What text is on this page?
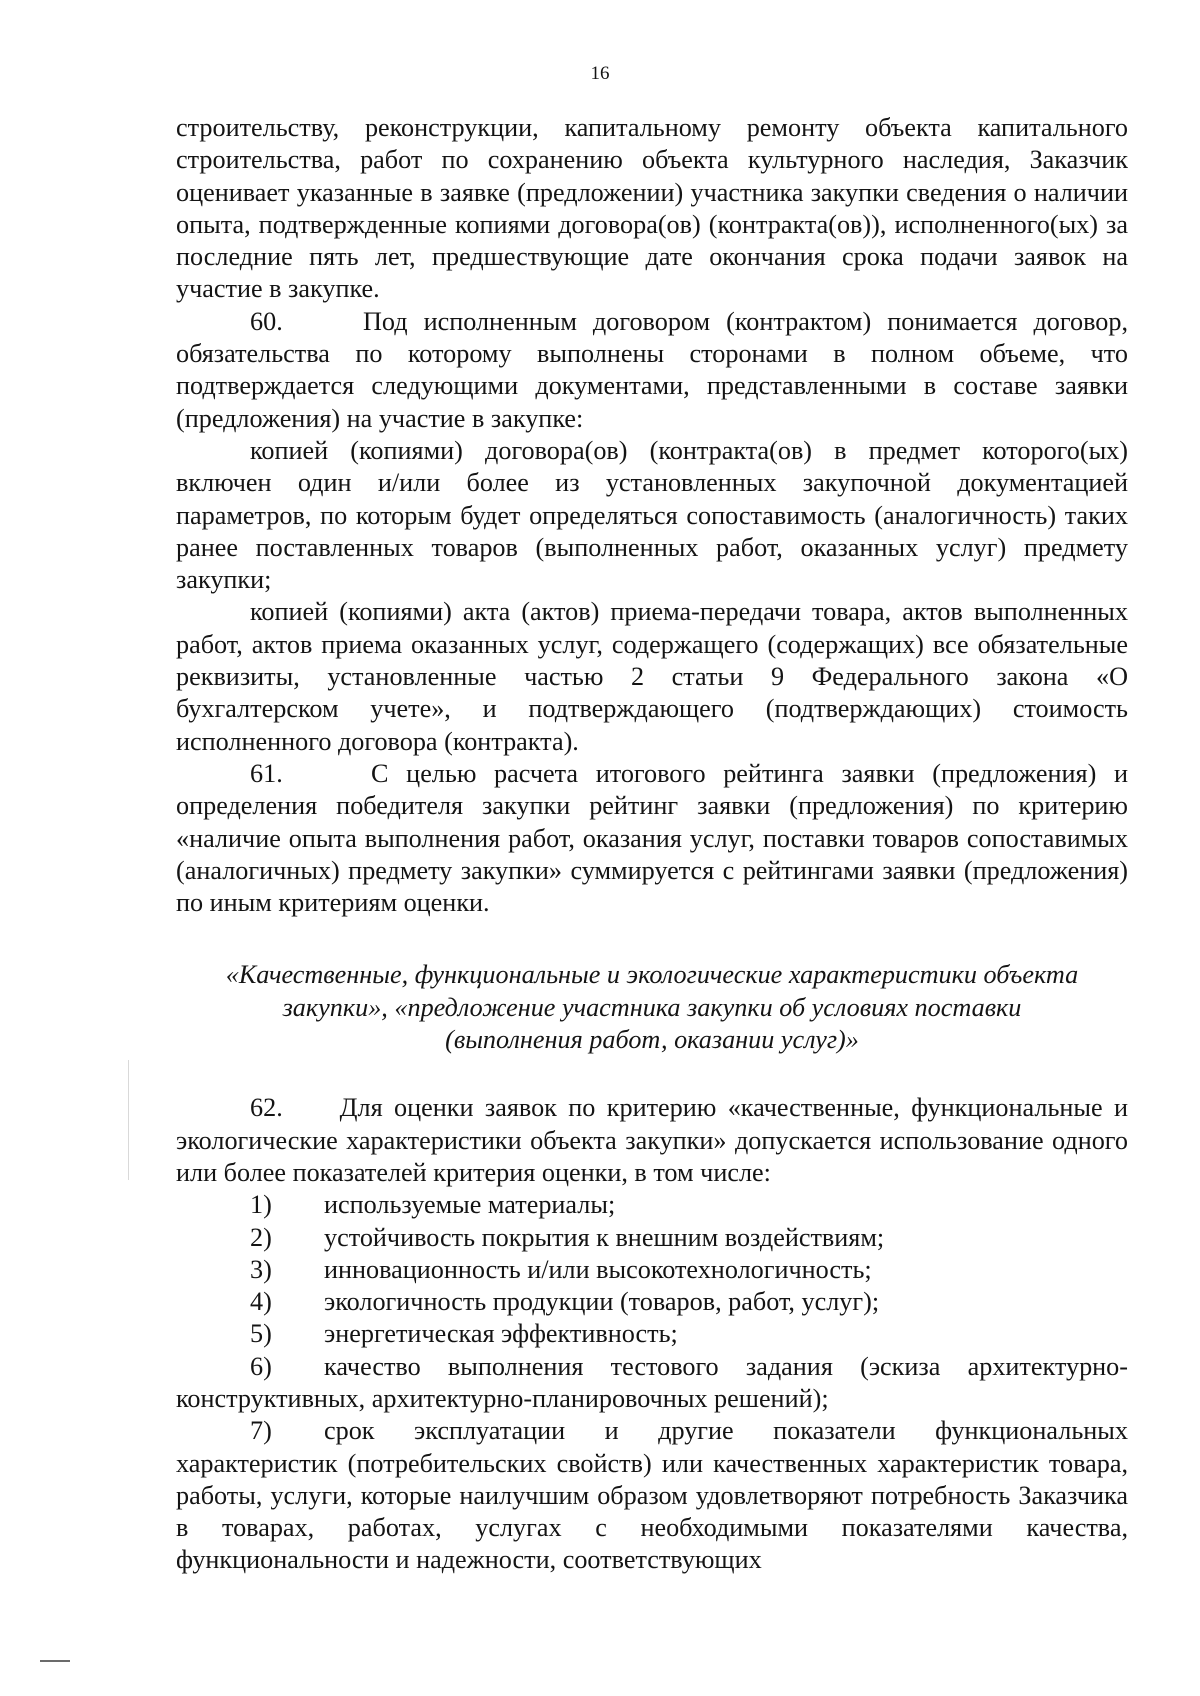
16

строительству, реконструкции, капитальному ремонту объекта капитального строительства, работ по сохранению объекта культурного наследия, Заказчик оценивает указанные в заявке (предложении) участника закупки сведения о наличии опыта, подтвержденные копиями договора(ов) (контракта(ов)), исполненного(ых) за последние пять лет, предшествующие дате окончания срока подачи заявок на участие в закупке.

60.	Под исполненным договором (контрактом) понимается договор, обязательства по которому выполнены сторонами в полном объеме, что подтверждается следующими документами, представленными в составе заявки (предложения) на участие в закупке:

копией (копиями) договора(ов) (контракта(ов) в предмет которого(ых) включен один и/или более из установленных закупочной документацией параметров, по которым будет определяться сопоставимость (аналогичность) таких ранее поставленных товаров (выполненных работ, оказанных услуг) предмету закупки;

копией (копиями) акта (актов) приема-передачи товара, актов выполненных работ, актов приема оказанных услуг, содержащего (содержащих) все обязательные реквизиты, установленные частью 2 статьи 9 Федерального закона «О бухгалтерском учете», и подтверждающего (подтверждающих) стоимость исполненного договора (контракта).

61.	С целью расчета итогового рейтинга заявки (предложения) и определения победителя закупки рейтинг заявки (предложения) по критерию «наличие опыта выполнения работ, оказания услуг, поставки товаров сопоставимых (аналогичных) предмету закупки» суммируется с рейтингами заявки (предложения) по иным критериям оценки.

«Качественные, функциональные и экологические характеристики объекта
закупки», «предложение участника закупки об условиях поставки
(выполнения работ, оказании услуг)»

62. Для оценки заявок по критерию «качественные, функциональные и экологические характеристики объекта закупки» допускается использование одного или более показателей критерия оценки, в том числе:

1)	используемые материалы;
2)	устойчивость покрытия к внешним воздействиям;
3)	инновационность и/или высокотехнологичность;
4)	экологичность продукции (товаров, работ, услуг);
5)	энергетическая эффективность;

6) качество выполнения тестового задания (эскиза архитектурно-конструктивных, архитектурно-планировочных решений);

7) срок эксплуатации и другие показатели функциональных характеристик (потребительских свойств) или качественных характеристик товара, работы, услуги, которые наилучшим образом удовлетворяют потребность Заказчика в товарах, работах, услугах с необходимыми показателями качества, функциональности и надежности, соответствующих
